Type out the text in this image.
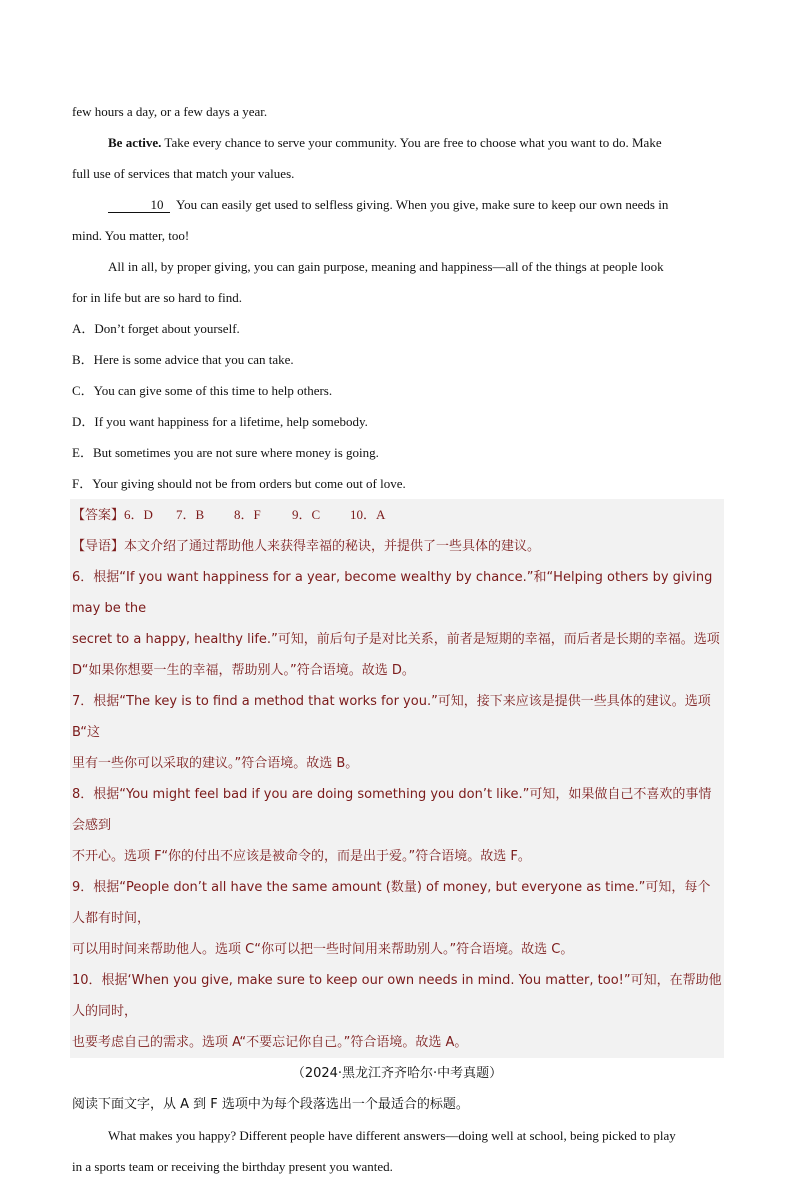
few hours a day, or a few days a year.

Be active. Take every chance to serve your community. You are free to choose what you want to do. Make

full use of services that match your values.

10 You can easily get used to selfless giving. When you give, make sure to keep our own needs in

mind. You matter, too!

All in all, by proper giving, you can gain purpose, meaning and happiness—all of the things at people look

for in life but are so hard to find.

A．Don’t forget about yourself.

B．Here is some advice that you can take.

C．You can give some of this time to help others.

D．If you want happiness for a lifetime, help somebody.

E．But sometimes you are not sure where money is going.

F．Your giving should not be from orders but come out of love.

【答案】6．D 7．B 8．F 9．C 10．A

【导语】本文介绍了通过帮助他人来获得幸福的秘诀，并提供了一些具体的建议。

6．根据“If you want happiness for a year, become wealthy by chance.”和“Helping others by giving may be the

secret to a happy, healthy life.”可知，前后句子是对比关系，前者是短期的幸福，而后者是长期的幸福。选项

D“如果你想要一生的幸福，帮助别人。”符合语境。故选 D。

7．根据“The key is to find a method that works for you.”可知，接下来应该是提供一些具体的建议。选项 B“这

里有一些你可以采取的建议。”符合语境。故选 B。

8．根据“You might feel bad if you are doing something you don’t like.”可知，如果做自己不喜欢的事情会感到

不开心。选项 F“你的付出不应该是被命令的，而是出于爱。”符合语境。故选 F。

9．根据“People don’t all have the same amount (数量) of money, but everyone as time.”可知，每个人都有时间，

可以用时间来帮助他人。选项 C“你可以把一些时间用来帮助别人。”符合语境。故选 C。

10．根据‘When you give, make sure to keep our own needs in mind. You matter, too!”可知，在帮助他人的同时，

也要考虑自己的需求。选项 A“不要忘记你自己。”符合语境。故选 A。

（2024·黑龙江齐齐哈尔·中考真题）

阅读下面文字，从 A 到 F 选项中为每个段落选出一个最适合的标题。

What makes you happy? Different people have different answers—doing well at school, being picked to play

in a sports team or receiving the birthday present you wanted.
